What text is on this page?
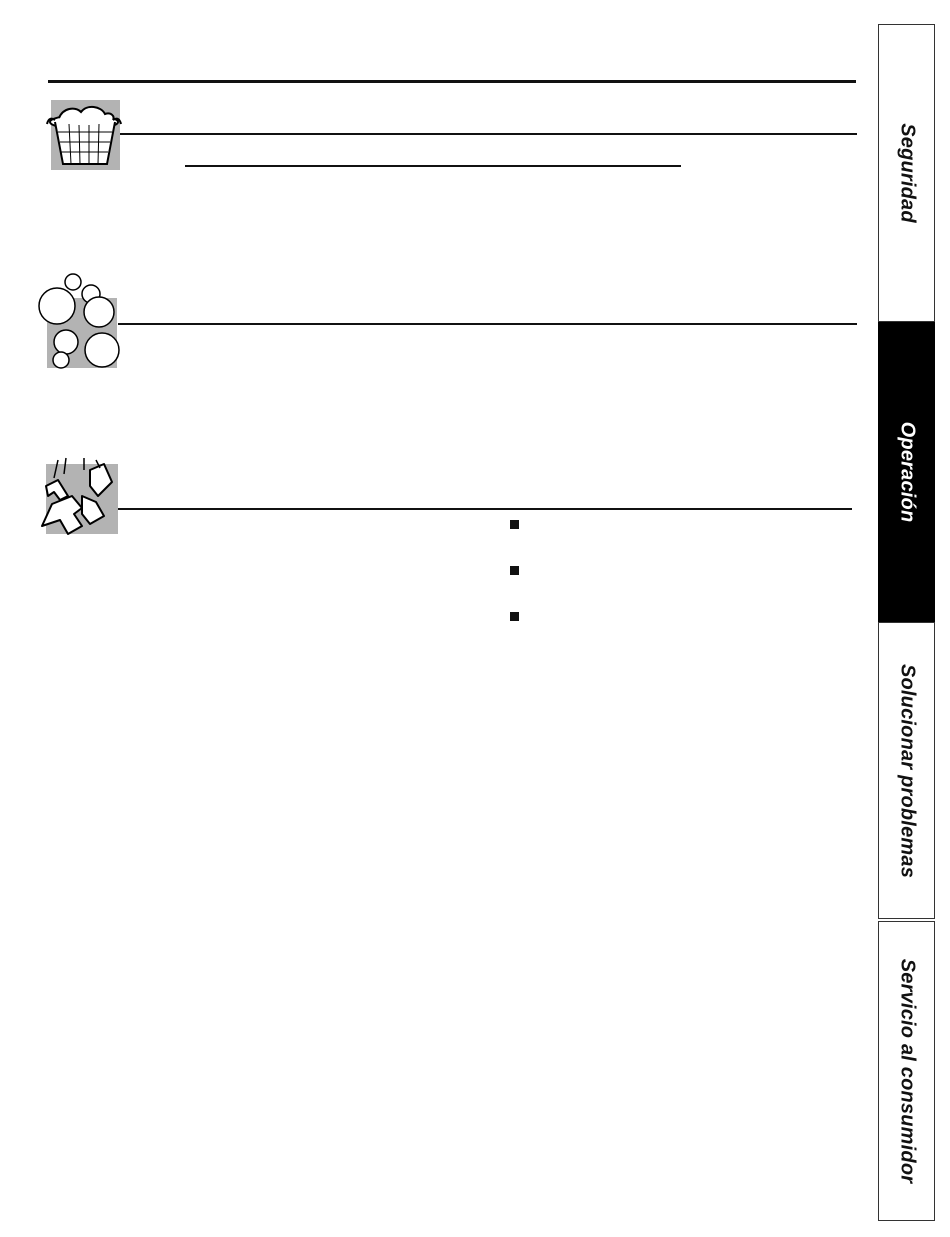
Seguridad
Operación
Solucionar problemas
Servicio al consumidor
